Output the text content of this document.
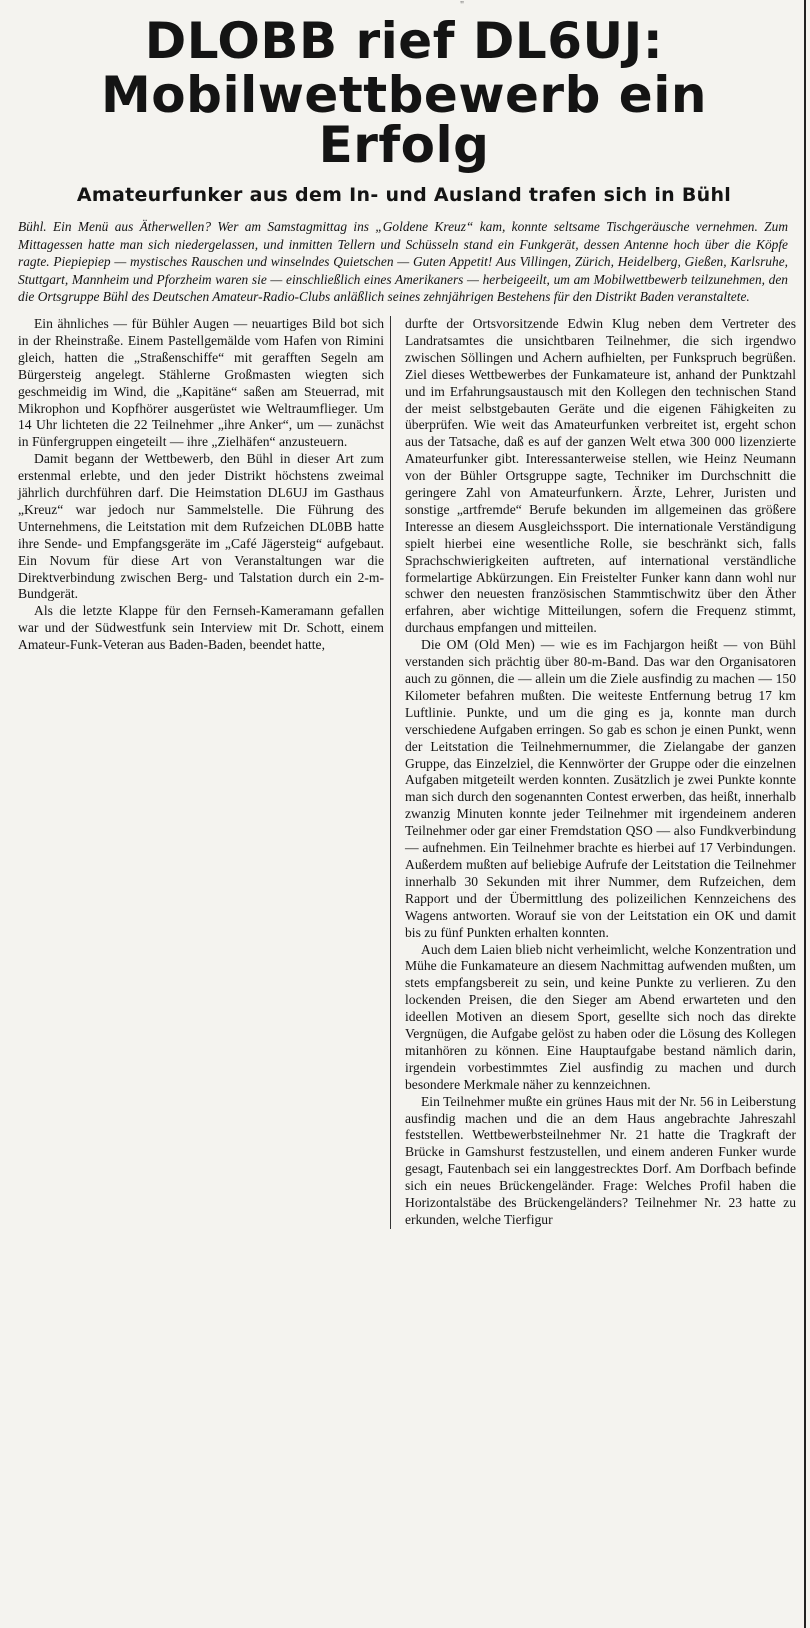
"
DLOBB rief DL6UJ:
Mobilwettbewerb ein Erfolg
Amateurfunker aus dem In- und Ausland trafen sich in Bühl
Bühl. Ein Menü aus Ätherwellen? Wer am Samstagmittag ins „Goldene Kreuz“ kam, konnte seltsame Tischgeräusche vernehmen. Zum Mittagessen hatte man sich niedergelassen, und inmitten Tellern und Schüsseln stand ein Funkgerät, dessen Antenne hoch über die Köpfe ragte. Piepiepiep — mystisches Rauschen und winselndes Quietschen — Guten Appetit! Aus Villingen, Zürich, Heidelberg, Gießen, Karlsruhe, Stuttgart, Mannheim und Pforzheim waren sie — einschließlich eines Amerikaners — herbeigeeilt, um am Mobilwettbewerb teilzunehmen, den die Ortsgruppe Bühl des Deutschen Amateur-Radio-Clubs anläßlich seines zehnjährigen Bestehens für den Distrikt Baden veranstaltete.

Ein ähnliches — für Bühler Augen — neuartiges Bild bot sich in der Rheinstraße. Einem Pastellgemälde vom Hafen von Rimini gleich, hatten die „Straßenschiffe“ mit gerafften Segeln am Bürgersteig angelegt. Stählerne Großmasten wiegten sich geschmeidig im Wind, die „Kapitäne“ saßen am Steuerrad, mit Mikrophon und Kopfhörer ausgerüstet wie Weltraumflieger. Um 14 Uhr lichteten die 22 Teilnehmer „ihre Anker“, um — zunächst in Fünfergruppen eingeteilt — ihre „Zielhäfen“ anzusteuern.

Damit begann der Wettbewerb, den Bühl in dieser Art zum erstenmal erlebte, und den jeder Distrikt höchstens zweimal jährlich durchführen darf. Die Heimstation DL6UJ im Gasthaus „Kreuz“ war jedoch nur Sammelstelle. Die Führung des Unternehmens, die Leitstation mit dem Rufzeichen DL0BB hatte ihre Sende- und Empfangsgeräte im „Café Jägersteig“ aufgebaut. Ein Novum für diese Art von Veranstaltungen war die Direktverbindung zwischen Berg- und Talstation durch ein 2-m-Bundgerät.

Als die letzte Klappe für den Fernseh-Kameramann gefallen war und der Südwestfunk sein Interview mit Dr. Schott, einem Amateur-Funk-Veteran aus Baden-Baden, beendet hatte,

durfte der Ortsvorsitzende Edwin Klug neben dem Vertreter des Landratsamtes die unsichtbaren Teilnehmer, die sich irgendwo zwischen Söllingen und Achern aufhielten, per Funkspruch begrüßen. Ziel dieses Wettbewerbes der Funkamateure ist, anhand der Punktzahl und im Erfahrungsaustausch mit den Kollegen den technischen Stand der meist selbstgebauten Geräte und die eigenen Fähigkeiten zu überprüfen. Wie weit das Amateurfunken verbreitet ist, ergeht schon aus der Tatsache, daß es auf der ganzen Welt etwa 300 000 lizenzierte Amateurfunker gibt. Interessanterweise stellen, wie Heinz Neumann von der Bühler Ortsgruppe sagte, Techniker im Durchschnitt die geringere Zahl von Amateurfunkern. Ärzte, Lehrer, Juristen und sonstige „artfremde“ Berufe bekunden im allgemeinen das größere Interesse an diesem Ausgleichssport. Die internationale Verständigung spielt hierbei eine wesentliche Rolle, sie beschränkt sich, falls Sprachschwierigkeiten auftreten, auf international verständliche formelartige Abkürzungen. Ein Freistelter Funker kann dann wohl nur schwer den neuesten französischen Stammtischwitz über den Äther erfahren, aber wichtige Mitteilungen, sofern die Frequenz stimmt, durchaus empfangen und mitteilen.

Die OM (Old Men) — wie es im Fachjargon heißt — von Bühl verstanden sich prächtig über 80-m-Band. Das war den Organisatoren auch zu gönnen, die — allein um die Ziele ausfindig zu machen — 150 Kilometer befahren mußten. Die weiteste Entfernung betrug 17 km Luftlinie. Punkte, und um die ging es ja, konnte man durch verschiedene Aufgaben erringen. So gab es schon je einen Punkt, wenn der Leitstation die Teilnehmernummer, die Zielangabe der ganzen Gruppe, das Einzelziel, die Kennwörter der Gruppe oder die einzelnen Aufgaben mitgeteilt werden konnten. Zusätzlich je zwei Punkte konnte man sich durch den sogenannten Contest erwerben, das heißt, innerhalb zwanzig Minuten konnte jeder Teilnehmer mit irgendeinem anderen Teilnehmer oder gar einer Fremdstation QSO — also Fundkverbindung — aufnehmen. Ein Teilnehmer brachte es hierbei auf 17 Verbindungen. Außerdem mußten auf beliebige Aufrufe der Leitstation die Teilnehmer innerhalb 30 Sekunden mit ihrer Nummer, dem Rufzeichen, dem Rapport und der Übermittlung des polizeilichen Kennzeichens des Wagens antworten. Worauf sie von der Leitstation ein OK und damit bis zu fünf Punkten erhalten konnten.

Auch dem Laien blieb nicht verheimlicht, welche Konzentration und Mühe die Funkamateure an diesem Nachmittag aufwenden mußten, um stets empfangsbereit zu sein, und keine Punkte zu verlieren. Zu den lockenden Preisen, die den Sieger am Abend erwarteten und den ideellen Motiven an diesem Sport, gesellte sich noch das direkte Vergnügen, die Aufgabe gelöst zu haben oder die Lösung des Kollegen mitanhören zu können. Eine Hauptaufgabe bestand nämlich darin, irgendein vorbestimmtes Ziel ausfindig zu machen und durch besondere Merkmale näher zu kennzeichnen.

Ein Teilnehmer mußte ein grünes Haus mit der Nr. 56 in Leiberstung ausfindig machen und die an dem Haus angebrachte Jahreszahl feststellen. Wettbewerbsteilnehmer Nr. 21 hatte die Tragkraft der Brücke in Gamshurst festzustellen, und einem anderen Funker wurde gesagt, Fautenbach sei ein langgestrecktes Dorf. Am Dorfbach befinde sich ein neues Brückengeländer. Frage: Welches Profil haben die Horizontalstäbe des Brückengeländers? Teilnehmer Nr. 23 hatte zu erkunden, welche Tierfigur
